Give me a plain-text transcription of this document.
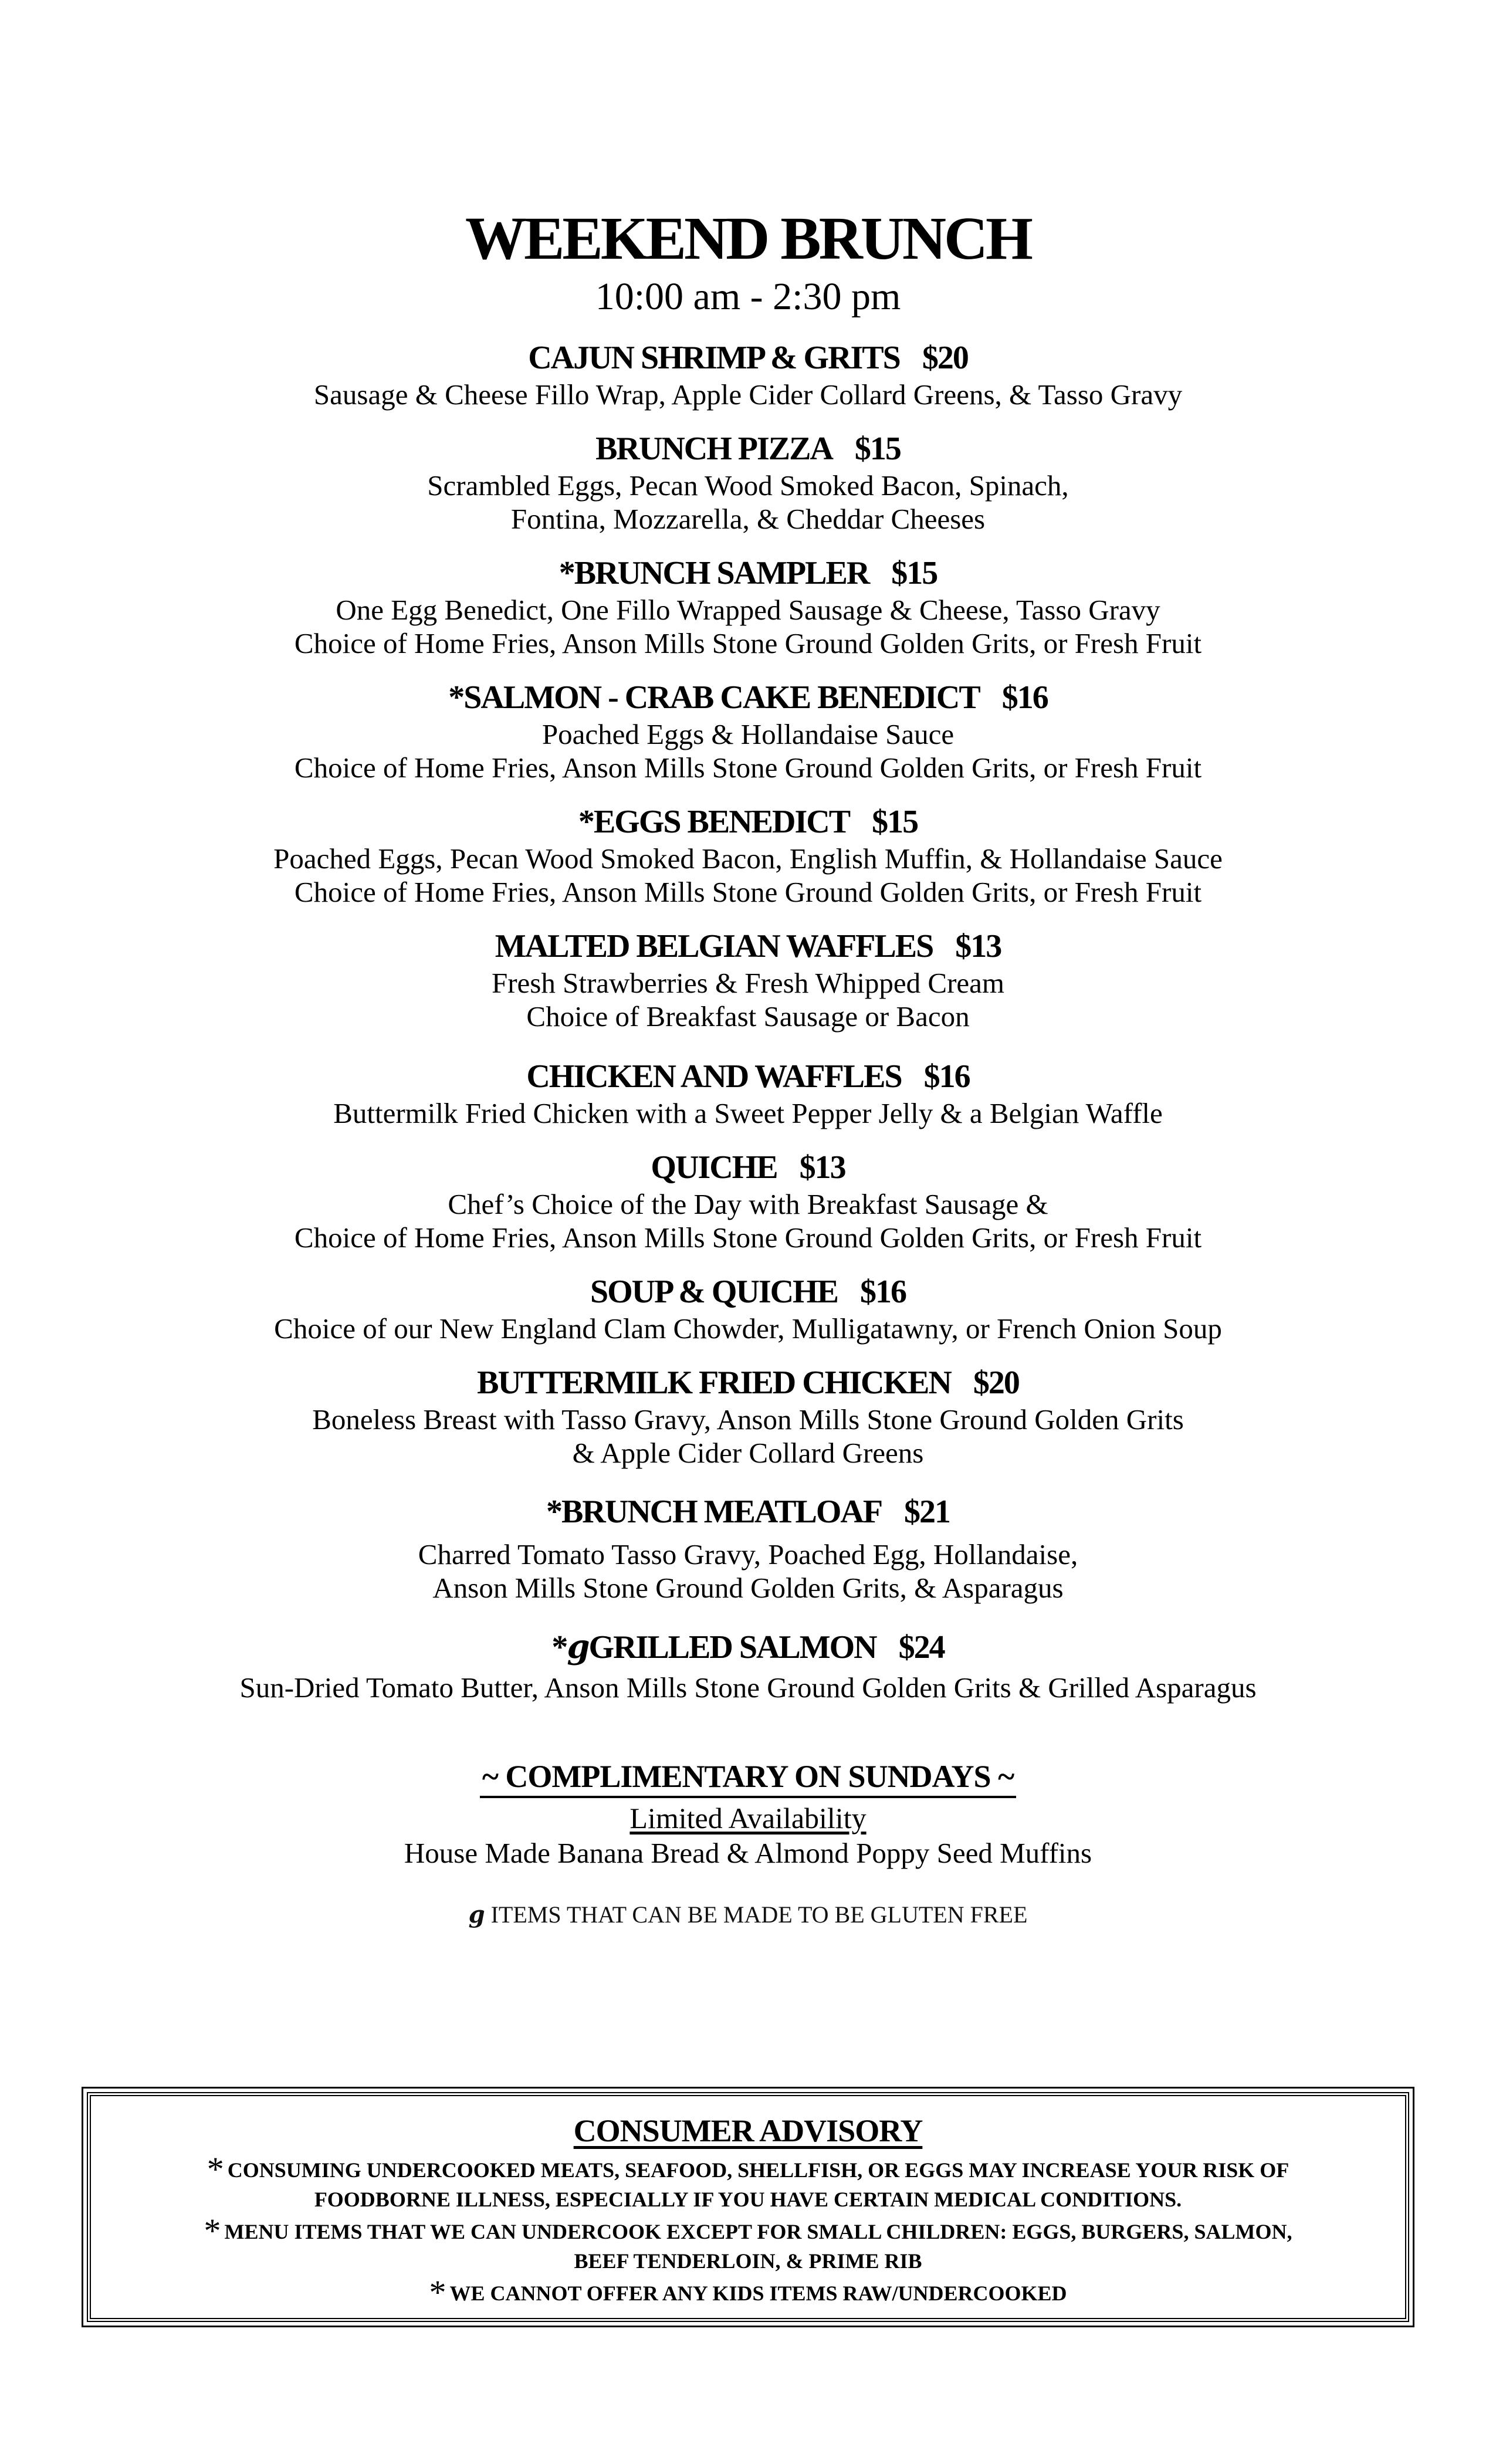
WEEKEND BRUNCH
10:00 am - 2:30 pm
CAJUN SHRIMP & GRITS $20
Sausage & Cheese Fillo Wrap, Apple Cider Collard Greens, & Tasso Gravy
BRUNCH PIZZA $15
Scrambled Eggs, Pecan Wood Smoked Bacon, Spinach,
Fontina, Mozzarella, & Cheddar Cheeses
*BRUNCH SAMPLER $15
One Egg Benedict, One Fillo Wrapped Sausage & Cheese, Tasso Gravy
Choice of Home Fries, Anson Mills Stone Ground Golden Grits, or Fresh Fruit
*SALMON - CRAB CAKE BENEDICT $16
Poached Eggs & Hollandaise Sauce
Choice of Home Fries, Anson Mills Stone Ground Golden Grits, or Fresh Fruit
*EGGS BENEDICT $15
Poached Eggs, Pecan Wood Smoked Bacon, English Muffin, & Hollandaise Sauce
Choice of Home Fries, Anson Mills Stone Ground Golden Grits, or Fresh Fruit
MALTED BELGIAN WAFFLES $13
Fresh Strawberries & Fresh Whipped Cream
Choice of Breakfast Sausage or Bacon
CHICKEN AND WAFFLES $16
Buttermilk Fried Chicken with a Sweet Pepper Jelly & a Belgian Waffle
QUICHE $13
Chef’s Choice of the Day with Breakfast Sausage &
Choice of Home Fries, Anson Mills Stone Ground Golden Grits, or Fresh Fruit
SOUP & QUICHE $16
Choice of our New England Clam Chowder, Mulligatawny, or French Onion Soup
BUTTERMILK FRIED CHICKEN $20
Boneless Breast with Tasso Gravy, Anson Mills Stone Ground Golden Grits
& Apple Cider Collard Greens
*BRUNCH MEATLOAF $21
Charred Tomato Tasso Gravy, Poached Egg, Hollandaise,
Anson Mills Stone Ground Golden Grits, & Asparagus
*gGRILLED SALMON $24
Sun-Dried Tomato Butter, Anson Mills Stone Ground Golden Grits & Grilled Asparagus
~ COMPLIMENTARY ON SUNDAYS ~
Limited Availability
House Made Banana Bread & Almond Poppy Seed Muffins
g ITEMS THAT CAN BE MADE TO BE GLUTEN FREE
CONSUMER ADVISORY
* CONSUMING UNDERCOOKED MEATS, SEAFOOD, SHELLFISH, OR EGGS MAY INCREASE YOUR RISK OF
FOODBORNE ILLNESS, ESPECIALLY IF YOU HAVE CERTAIN MEDICAL CONDITIONS.
* MENU ITEMS THAT WE CAN UNDERCOOK EXCEPT FOR SMALL CHILDREN: EGGS, BURGERS, SALMON,
BEEF TENDERLOIN, & PRIME RIB
* WE CANNOT OFFER ANY KIDS ITEMS RAW/UNDERCOOKED
